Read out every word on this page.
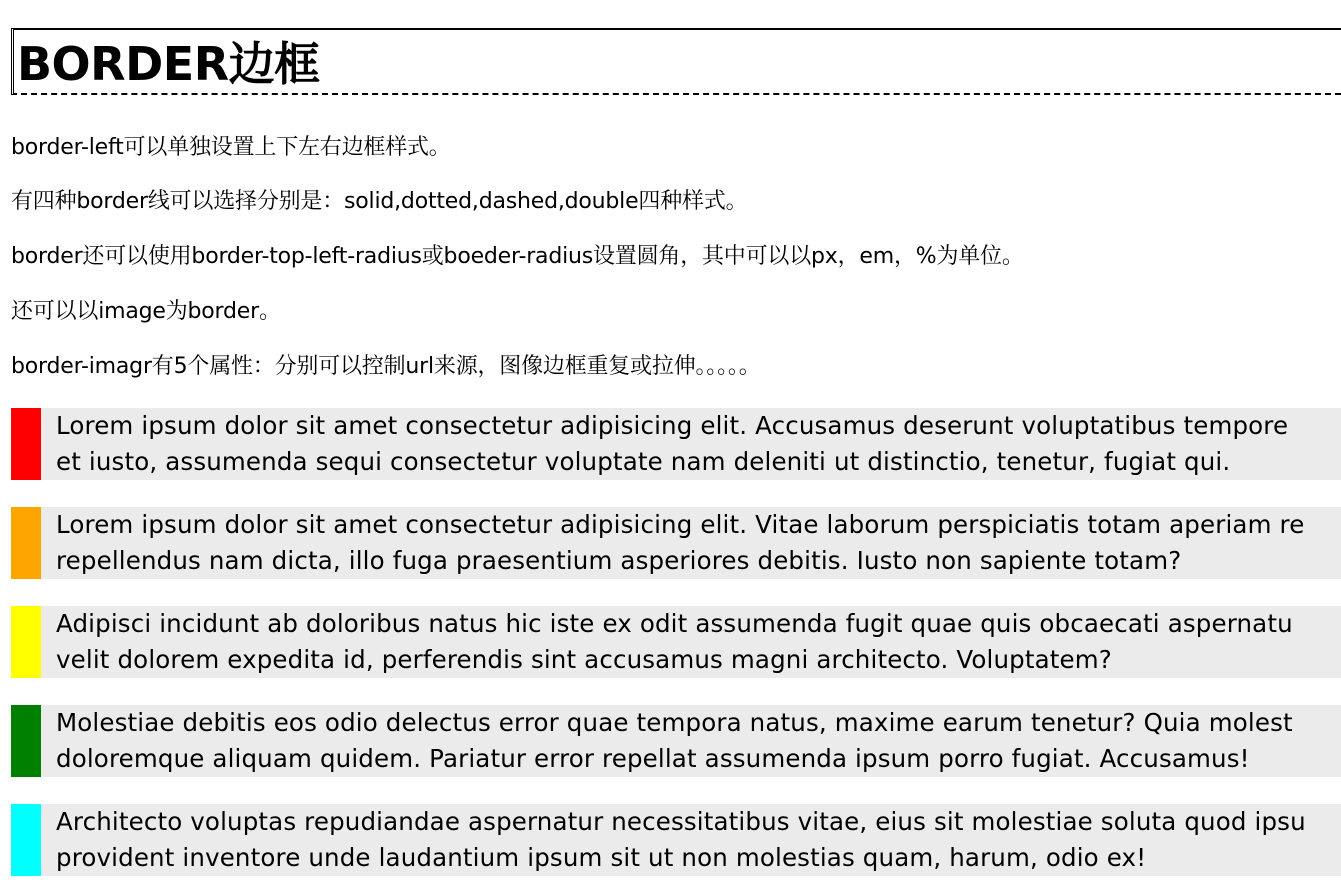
BORDER边框

border-left可以单独设置上下左右边框样式。

有四种border线可以选择分别是：solid,dotted,dashed,double四种样式。

border还可以使用border-top-left-radius或boeder-radius设置圆角，其中可以以px，em，%为单位。

还可以以image为border。

border-imagr有5个属性：分别可以控制url来源，图像边框重复或拉伸。。。。。

Lorem ipsum dolor sit amet consectetur adipisicing elit. Accusamus deserunt voluptatibus tempore
et iusto, assumenda sequi consectetur voluptate nam deleniti ut distinctio, tenetur, fugiat qui.
Lorem ipsum dolor sit amet consectetur adipisicing elit. Vitae laborum perspiciatis totam aperiam re
repellendus nam dicta, illo fuga praesentium asperiores debitis. Iusto non sapiente totam?
Adipisci incidunt ab doloribus natus hic iste ex odit assumenda fugit quae quis obcaecati aspernatu
velit dolorem expedita id, perferendis sint accusamus magni architecto. Voluptatem?
Molestiae debitis eos odio delectus error quae tempora natus, maxime earum tenetur? Quia molest
doloremque aliquam quidem. Pariatur error repellat assumenda ipsum porro fugiat. Accusamus!
Architecto voluptas repudiandae aspernatur necessitatibus vitae, eius sit molestiae soluta quod ipsu
provident inventore unde laudantium ipsum sit ut non molestias quam, harum, odio ex!
